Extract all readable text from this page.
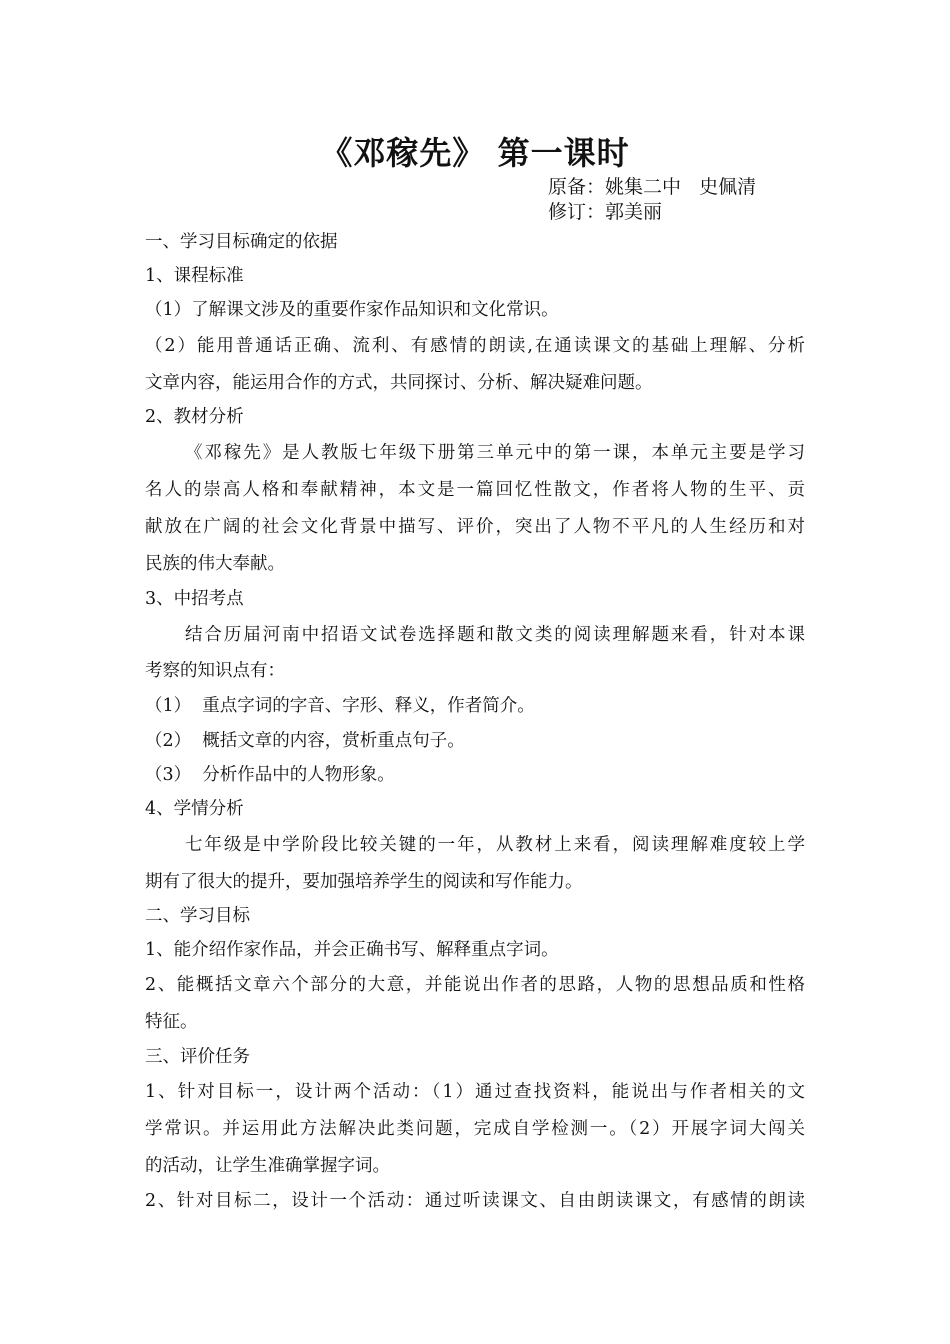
《邓稼先》 第一课时
原备：姚集二中   史佩清
修订：郭美丽
一、学习目标确定的依据
1、课程标准
（1）了解课文涉及的重要作家作品知识和文化常识。
（2）能用普通话正确、流利、有感情的朗读,在通读课文的基础上理解、分析
文章内容，能运用合作的方式，共同探讨、分析、解决疑难问题。
2、教材分析
《邓稼先》是人教版七年级下册第三单元中的第一课，本单元主要是学习
名人的崇高人格和奉献精神，本文是一篇回忆性散文，作者将人物的生平、贡
献放在广阔的社会文化背景中描写、评价，突出了人物不平凡的人生经历和对
民族的伟大奉献。
3、中招考点
结合历届河南中招语文试卷选择题和散文类的阅读理解题来看，针对本课
考察的知识点有：
（1）  重点字词的字音、字形、释义，作者简介。
（2）  概括文章的内容，赏析重点句子。
（3）  分析作品中的人物形象。
4、学情分析
七年级是中学阶段比较关键的一年，从教材上来看，阅读理解难度较上学
期有了很大的提升，要加强培养学生的阅读和写作能力。
二、学习目标
1、能介绍作家作品，并会正确书写、解释重点字词。
2、能概括文章六个部分的大意，并能说出作者的思路，人物的思想品质和性格
特征。
三、评价任务
1、针对目标一，设计两个活动：（1）通过查找资料，能说出与作者相关的文
学常识。并运用此方法解决此类问题，完成自学检测一。（2）开展字词大闯关
的活动，让学生准确掌握字词。
2、针对目标二，设计一个活动：通过听读课文、自由朗读课文，有感情的朗读
